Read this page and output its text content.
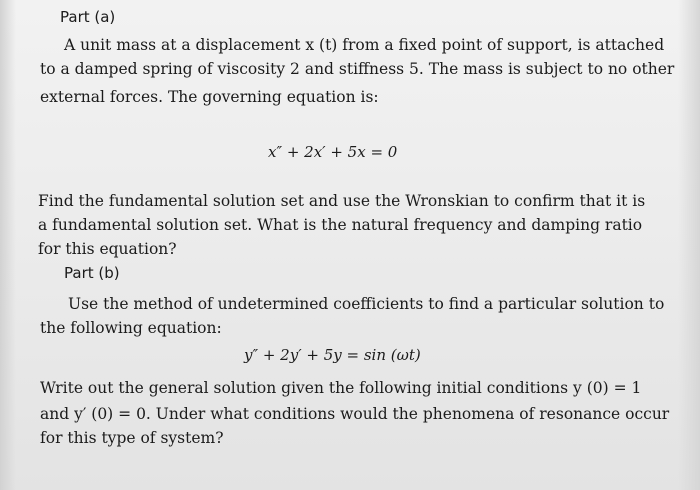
Part (a)

A unit mass at a displacement x (t) from a fixed point of support, is attached

to a damped spring of viscosity 2 and stiffness 5. The mass is subject to no other

external forces. The governing equation is:

x″ + 2x′ + 5x = 0

Find the fundamental solution set and use the Wronskian to confirm that it is

a fundamental solution set. What is the natural frequency and damping ratio

for this equation?

Part (b)

Use the method of undetermined coefficients to find a particular solution to

the following equation:

y″ + 2y′ + 5y = sin (ωt)

Write out the general solution given the following initial conditions y (0) = 1

and y′ (0) = 0. Under what conditions would the phenomena of resonance occur

for this type of system?
